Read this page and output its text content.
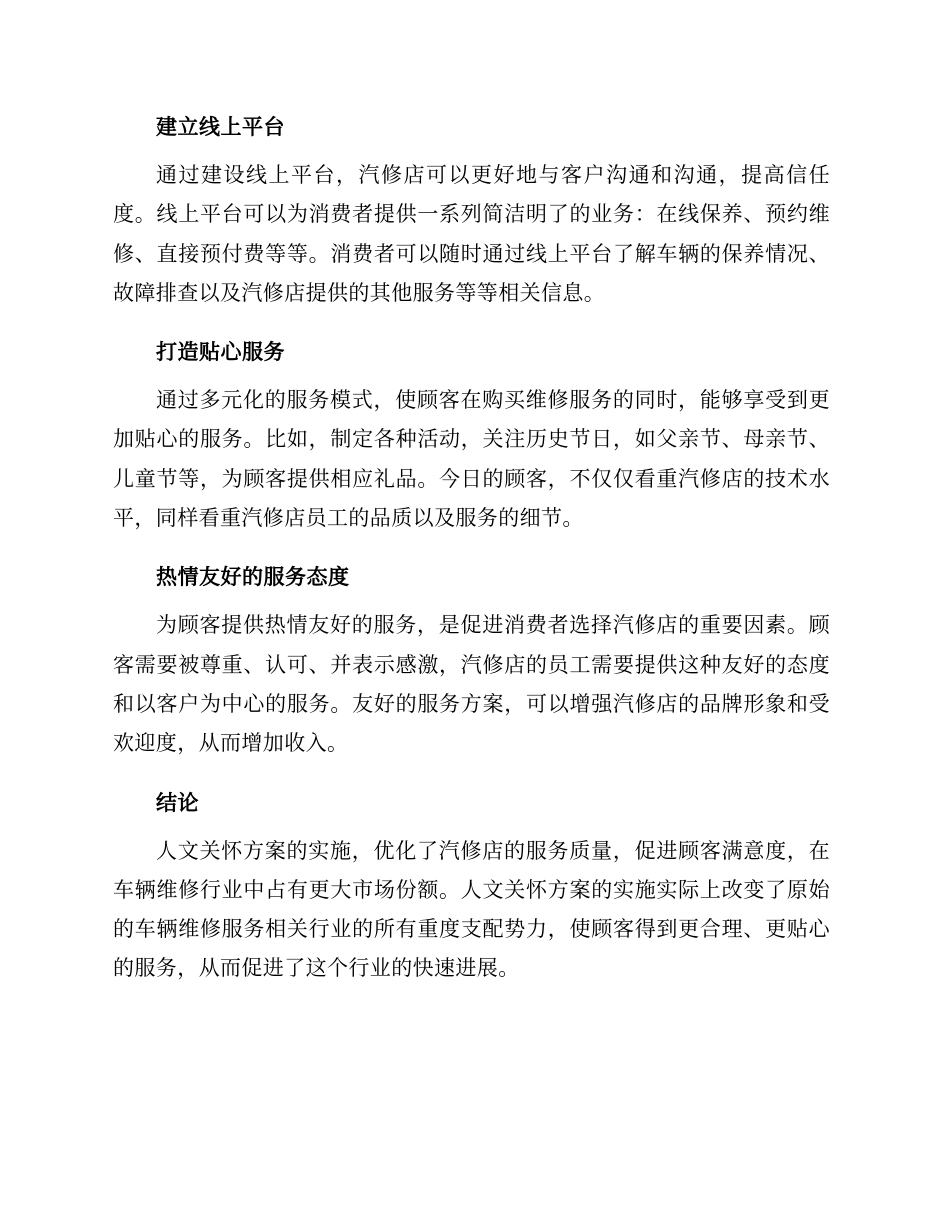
建立线上平台

通过建设线上平台，汽修店可以更好地与客户沟通和沟通，提高信任度。线上平台可以为消费者提供一系列简洁明了的业务：在线保养、预约维修、直接预付费等等。消费者可以随时通过线上平台了解车辆的保养情况、故障排查以及汽修店提供的其他服务等等相关信息。

打造贴心服务

通过多元化的服务模式，使顾客在购买维修服务的同时，能够享受到更加贴心的服务。比如，制定各种活动，关注历史节日，如父亲节、母亲节、儿童节等，为顾客提供相应礼品。今日的顾客，不仅仅看重汽修店的技术水平，同样看重汽修店员工的品质以及服务的细节。

热情友好的服务态度

为顾客提供热情友好的服务，是促进消费者选择汽修店的重要因素。顾客需要被尊重、认可、并表示感激，汽修店的员工需要提供这种友好的态度和以客户为中心的服务。友好的服务方案，可以增强汽修店的品牌形象和受欢迎度，从而增加收入。

结论

人文关怀方案的实施，优化了汽修店的服务质量，促进顾客满意度，在车辆维修行业中占有更大市场份额。人文关怀方案的实施实际上改变了原始的车辆维修服务相关行业的所有重度支配势力，使顾客得到更合理、更贴心的服务，从而促进了这个行业的快速进展。
